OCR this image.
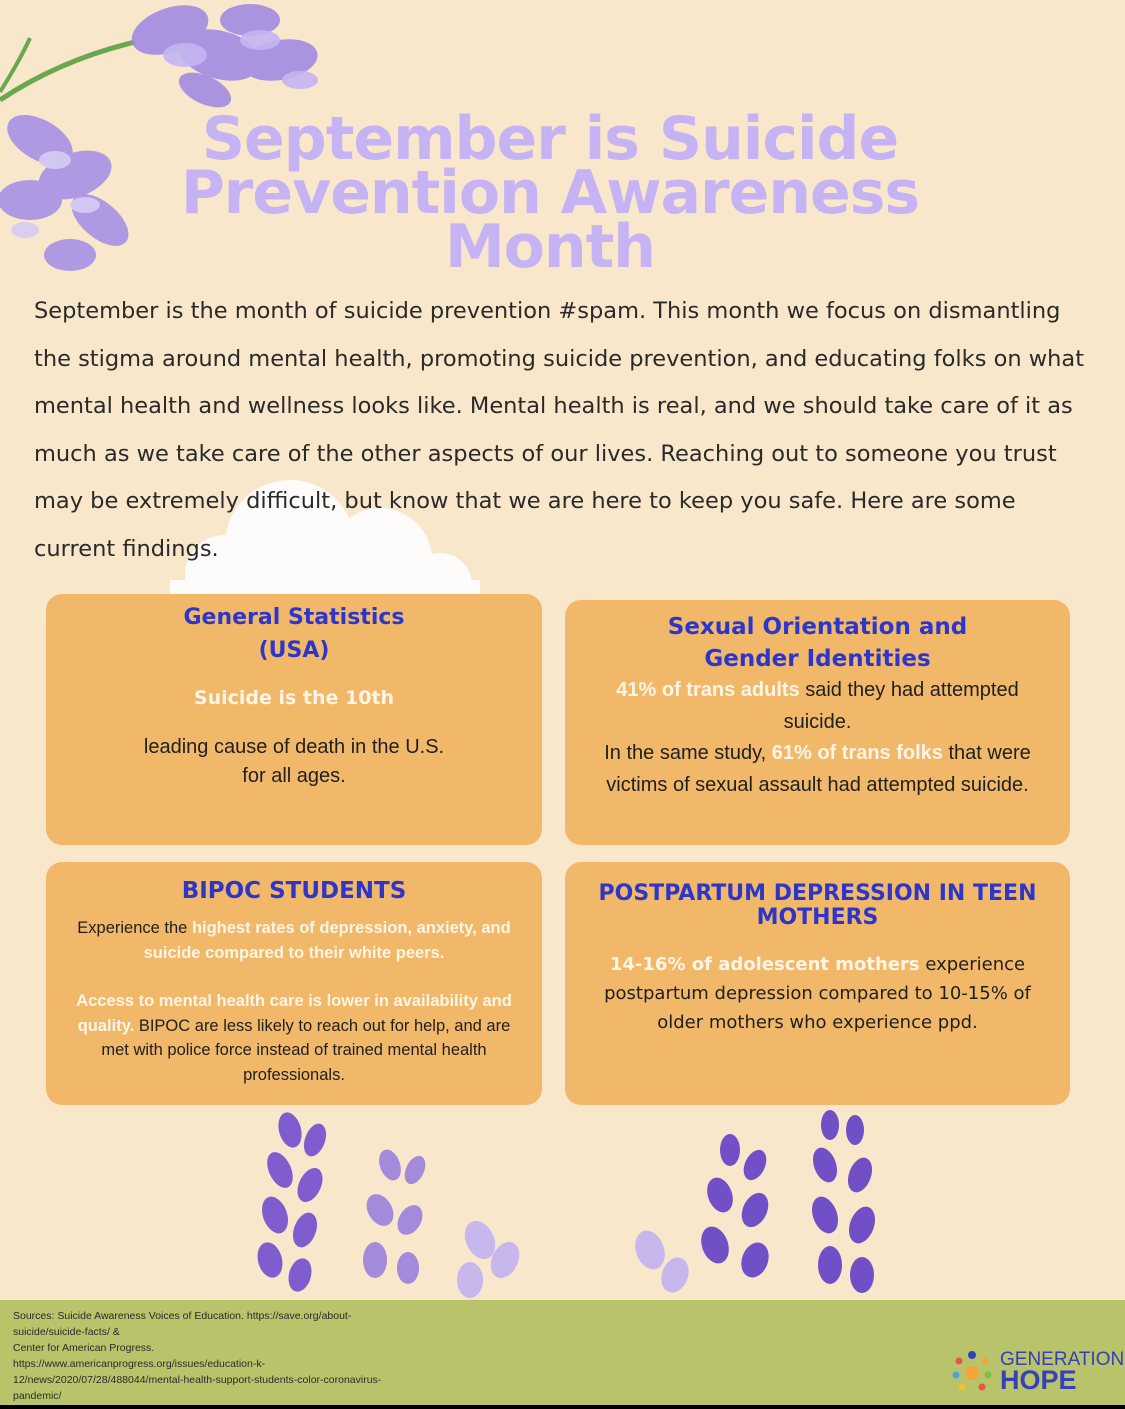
September is Suicide
Prevention Awareness
Month

September is the month of suicide prevention #spam. This month we focus on dismantling the stigma around mental health, promoting suicide prevention, and educating folks on what mental health and wellness looks like. Mental health is real, and we should take care of it as much as we take care of the other aspects of our lives. Reaching out to someone you trust may be extremely difficult, but know that we are here to keep you safe. Here are some current findings.

General Statistics
(USA)
Suicide is the 10th
leading cause of death in the U.S.
for all ages.
Sexual Orientation and
Gender Identities
41% of trans adults said they had attempted suicide.
In the same study, 61% of trans folks that were victims of sexual assault had attempted suicide.
BIPOC STUDENTS
Experience the highest rates of depression, anxiety, and suicide compared to their white peers.
Access to mental health care is lower in availability and quality. BIPOC are less likely to reach out for help, and are met with police force instead of trained mental health professionals.
POSTPARTUM DEPRESSION IN TEEN MOTHERS
14-16% of adolescent mothers experience postpartum depression compared to 10-15% of older mothers who experience ppd.
Sources: Suicide Awareness Voices of Education. https://save.org/about-
suicide/suicide-facts/ &
Center for American Progress.
https://www.americanprogress.org/issues/education-k-
12/news/2020/07/28/488044/mental-health-support-students-color-coronavirus-
pandemic/
GENERATION
HOPE
